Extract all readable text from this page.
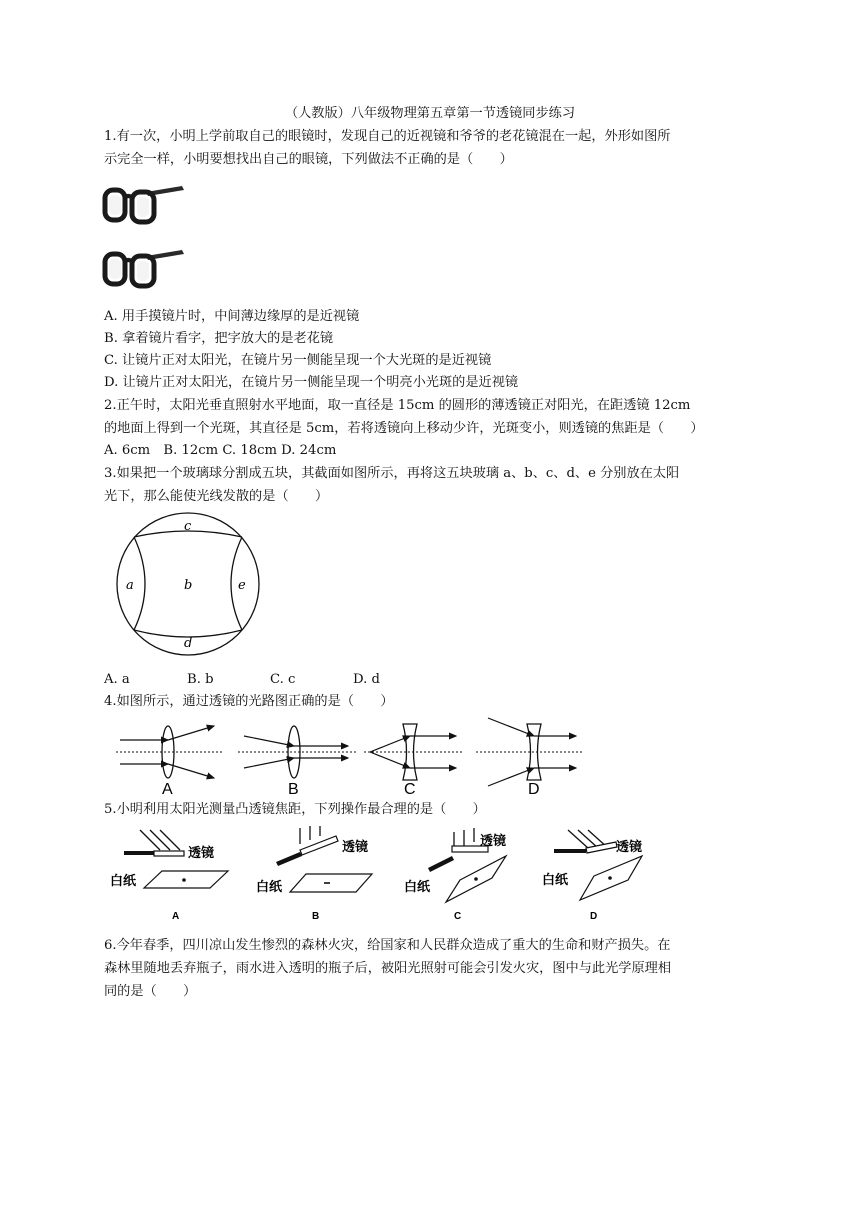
（人教版）八年级物理第五章第一节透镜同步练习
1.有一次，小明上学前取自己的眼镜时，发现自己的近视镜和爷爷的老花镜混在一起，外形如图所
示完全一样，小明要想找出自己的眼镜，下列做法不正确的是（　　）
A. 用手摸镜片时，中间薄边缘厚的是近视镜
B. 拿着镜片看字，把字放大的是老花镜
C. 让镜片正对太阳光，在镜片另一侧能呈现一个大光斑的是近视镜
D. 让镜片正对太阳光，在镜片另一侧能呈现一个明亮小光斑的是近视镜
2.正午时，太阳光垂直照射水平地面，取一直径是 15cm 的圆形的薄透镜正对阳光，在距透镜 12cm
的地面上得到一个光斑，其直径是 5cm，若将透镜向上移动少许，光斑变小，则透镜的焦距是（　　）
A. 6cm　B. 12cm C. 18cm D. 24cm
3.如果把一个玻璃球分割成五块，其截面如图所示，再将这五块玻璃 a、b、c、d、e 分别放在太阳
光下，那么能使光线发散的是（　　）
c
a	b	e
d
A. a	B. b	C. c	D. d
4.如图所示，通过透镜的光路图正确的是（　　）
A	B	C	D
5.小明利用太阳光测量凸透镜焦距，下列操作最合理的是（　　）
透镜
白纸
A
透镜
白纸
B
透镜
白纸
C
透镜
白纸
D
6.今年春季，四川凉山发生惨烈的森林火灾，给国家和人民群众造成了重大的生命和财产损失。在
森林里随地丢弃瓶子，雨水进入透明的瓶子后，被阳光照射可能会引发火灾，图中与此光学原理相
同的是（　　）
